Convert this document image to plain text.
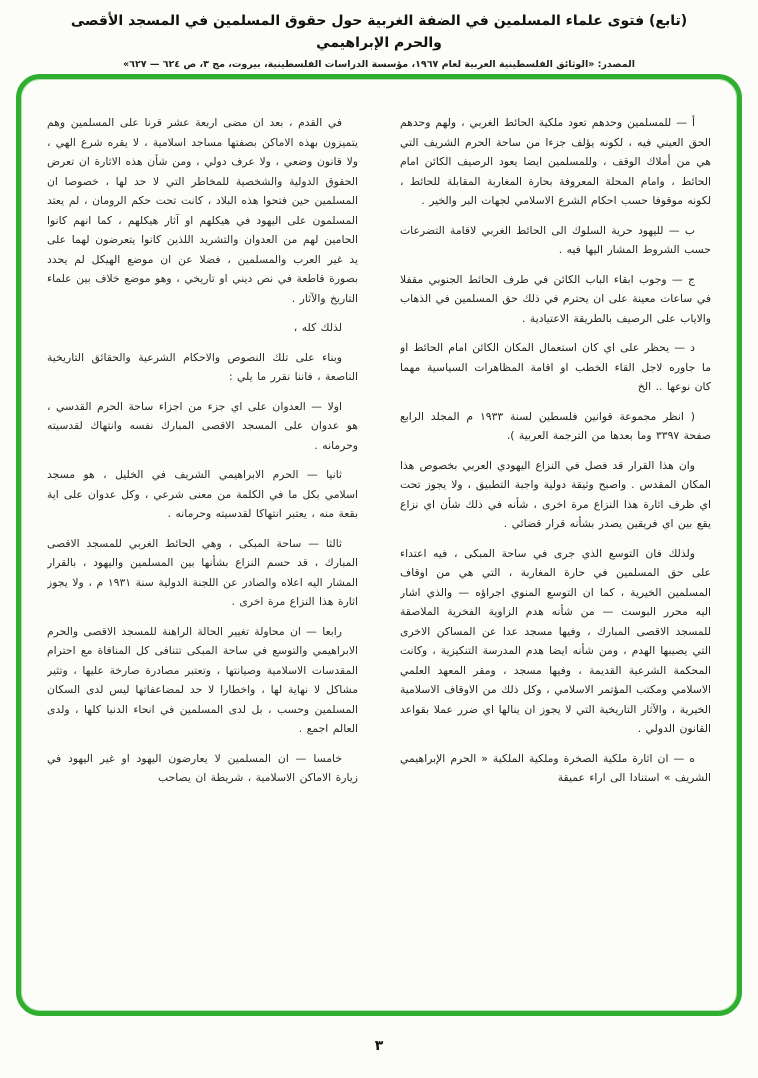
(تابع) فتوى علماء المسلمين في الضفة الغربية حول حقوق المسلمين في المسجد الأقصى والحرم الإبراهيمي
المصدر: «الوثائق الفلسطينية العربية لعام ١٩٦٧، مؤسسة الدراسات الفلسطينية، بيروت، مج ٣، ص ٦٢٤ — ٦٢٧»

أ — للمسلمين وحدهم تعود ملكية الحائط الغربي ، ولهم وحدهم الحق العيني فيه ، لكونه يؤلف جزءا من ساحة الحرم الشريف التي هي من أملاك الوقف ، وللمسلمين ايضا يعود الرصيف الكائن امام الحائط ، وامام المحلة المعروفة بحارة المغاربة المقابلة للحائط ، لكونه موقوفا حسب احكام الشرع الاسلامي لجهات البر والخير .

ب — لليهود حرية السلوك الى الحائط الغربي لاقامة التضرعات حسب الشروط المشار اليها فيه .

ج — وجوب ابقاء الباب الكائن في طرف الحائط الجنوبي مقفلا في ساعات معينة على ان يحترم في ذلك حق المسلمين في الذهاب والاياب على الرصيف بالطريقة الاعتيادية .

د — يحظر على اي كان استعمال المكان الكائن امام الحائط او ما جاوره لاجل القاء الخطب او اقامة المظاهرات السياسية مهما كان نوعها .. الخ

( انظر مجموعة قوانين فلسطين لسنة ١٩٣٣ م المجلد الرابع صفحة ٣٣٩٧ وما بعدها من الترجمة العربية ).

وان هذا القرار قد فصل في النزاع اليهودي العربي بخصوص هذا المكان المقدس . واصبح وثيقة دولية واجبة التطبيق ، ولا يجوز تحت اي ظرف اثارة هذا النزاع مرة اخرى ، شأنه في ذلك شأن اي نزاع يقع بين اي فريقين يصدر بشأنه قرار قضائي .

ولذلك فان التوسع الذي جرى في ساحة المبكى ، فيه اعتداء على حق المسلمين في حارة المغاربة ، التي هي من اوقاف المسلمين الخيرية ، كما ان التوسع المنوي اجراؤه — والذي اشار اليه محرر البوست — من شأنه هدم الزاوية الفخرية الملاصقة للمسجد الاقصى المبارك ، وفيها مسجد عدا عن المساكن الاخرى التي يصيبها الهدم ، ومن شأنه ايضا هدم المدرسة التنكيزية ، وكانت المحكمة الشرعية القديمة ، وفيها مسجد ، ومقر المعهد العلمي الاسلامي ومكتب المؤتمر الاسلامي ، وكل ذلك من الاوقاف الاسلامية الخيرية ، والآثار التاريخية التي لا يجوز ان ينالها اي ضرر عملا بقواعد القانون الدولي .

ه — ان اثارة ملكية الصخرة وملكية الملكية « الحرم الإبراهيمي الشريف » استنادا الى اراء عميقة

في القدم ، بعد ان مضى اربعة عشر قرنا على المسلمين وهم يتميزون بهذه الاماكن بصفتها مساجد اسلامية ، لا يقره شرع الهي ، ولا قانون وضعي ، ولا عرف دولي ، ومن شأن هذه الاثارة ان تعرض الحقوق الدولية والشخصية للمخاطر التي لا حد لها ، خصوصا ان المسلمين حين فتحوا هذه البلاد ، كانت تحت حكم الرومان ، لم يعتد المسلمون على اليهود في هيكلهم او آثار هيكلهم ، كما انهم كانوا الحامين لهم من العدوان والتشريد اللذين كانوا يتعرضون لهما على يد غير العرب والمسلمين ، فضلا عن ان موضع الهيكل لم يحدد بصورة قاطعة في نص ديني او تاريخي ، وهو موضع خلاف بين علماء التاريخ والآثار .

لذلك كله ،

وبناء على تلك النصوص والاحكام الشرعية والحقائق التاريخية الناصعة ، فاننا نقرر ما يلي :

اولا — العدوان على اي جزء من اجزاء ساحة الحرم القدسي ، هو عدوان على المسجد الاقصى المبارك نفسه وانتهاك لقدسيته وحرمانه .

ثانيا — الحرم الابراهيمي الشريف في الخليل ، هو مسجد اسلامي بكل ما في الكلمة من معنى شرعي ، وكل عدوان على اية بقعة منه ، يعتبر انتهاكا لقدسيته وحرمانه .

ثالثا — ساحة المبكى ، وهي الحائط الغربي للمسجد الاقصى المبارك ، قد حسم النزاع بشأنها بين المسلمين واليهود ، بالقرار المشار اليه اعلاه والصادر عن اللجنة الدولية سنة ١٩٣١ م ، ولا يجوز اثارة هذا النزاع مرة اخرى .

رابعا — ان محاولة تغيير الحالة الراهنة للمسجد الاقصى والحرم الابراهيمي والتوسع في ساحة المبكى تتنافى كل المنافاة مع احترام المقدسات الاسلامية وصيانتها ، وتعتبر مصادرة صارخة عليها ، وتثير مشاكل لا نهاية لها ، واخطارا لا حد لمضاعفاتها ليس لدى السكان المسلمين وحسب ، بل لدى المسلمين في انحاء الدنيا كلها ، ولدى العالم اجمع .

خامسا — ان المسلمين لا يعارضون اليهود او غير اليهود في زيارة الاماكن الاسلامية ، شريطة ان يصاحب

٣
